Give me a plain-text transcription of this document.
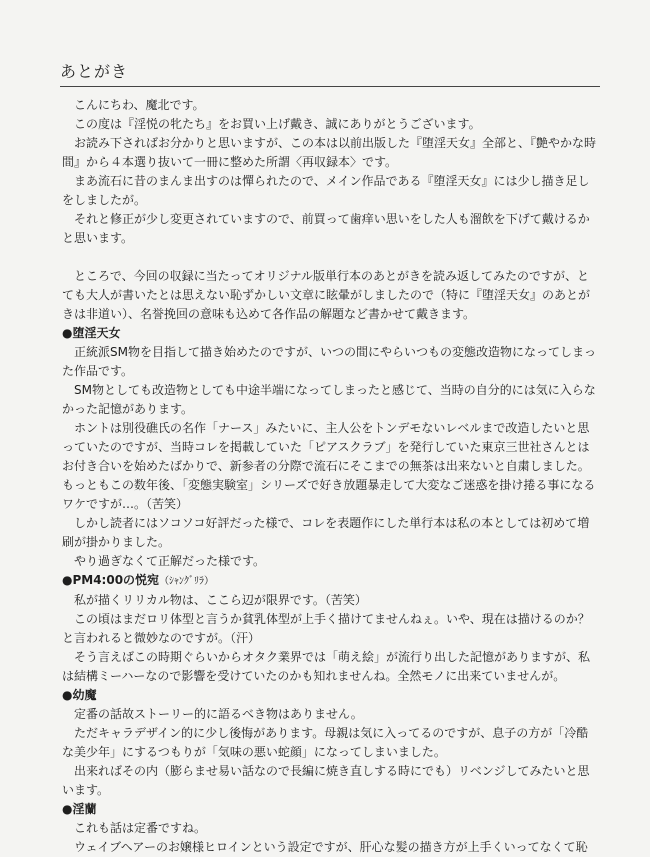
あとがき

こんにちわ、魔北です。

この度は『淫悦の牝たち』をお買い上げ戴き、誠にありがとうございます。

お読み下さればお分かりと思いますが、この本は以前出版した『堕淫天女』全部と、『艶やかな時間』から４本選り抜いて一冊に整めた所謂〈再収録本〉です。

まあ流石に昔のまんま出すのは憚られたので、メイン作品である『堕淫天女』には少し描き足しをしましたが。

それと修正が少し変更されていますので、前買って歯痒い思いをした人も溜飲を下げて戴けるかと思います。

ところで、今回の収録に当たってオリジナル版単行本のあとがきを読み返してみたのですが、とても大人が書いたとは思えない恥ずかしい文章に眩暈がしましたので（特に『堕淫天女』のあとがきは非道い）、名誉挽回の意味も込めて各作品の解題など書かせて戴きます。

●堕淫天女

正統派SM物を目指して描き始めたのですが、いつの間にやらいつもの変態改造物になってしまった作品です。

SM物としても改造物としても中途半端になってしまったと感じて、当時の自分的には気に入らなかった記憶があります。

ホントは別役礁氏の名作「ナース」みたいに、主人公をトンデモないレベルまで改造したいと思っていたのですが、当時コレを掲載していた「ピアスクラブ」を発行していた東京三世社さんとはお付き合いを始めたばかりで、新参者の分際で流石にそこまでの無茶は出来ないと自粛しました。もっともこの数年後、「変態実験室」シリーズで好き放題暴走して大変なご迷惑を掛け捲る事になるワケですが…。（苦笑）

しかし読者にはソコソコ好評だった様で、コレを表題作にした単行本は私の本としては初めて増刷が掛かりました。

やり過ぎなくて正解だった様です。

●PM4:00の悦宛（ｼｬﾝｸﾞﾘﾗ）

私が描くリリカル物は、ここら辺が限界です。（苦笑）

この頃はまだロリ体型と言うか貧乳体型が上手く描けてませんねぇ。いや、現在は描けるのか？と言われると微妙なのですが。（汗）

そう言えばこの時期ぐらいからオタク業界では「萌え絵」が流行り出した記憶がありますが、私は結構ミーハーなので影響を受けていたのかも知れませんね。全然モノに出来ていませんが。

●幼魔

定番の話故ストーリー的に語るべき物はありません。

ただキャラデザイン的に少し後悔があります。母親は気に入ってるのですが、息子の方が「冷酷な美少年」にするつもりが「気味の悪い蛇顔」になってしまいました。

出来ればその内（膨らませ易い話なので長編に焼き直しする時にでも）リベンジしてみたいと思います。

●淫蘭

これも話は定番ですね。

ウェイブヘアーのお嬢様ヒロインという設定ですが、肝心な髪の描き方が上手くいってなくて恥
